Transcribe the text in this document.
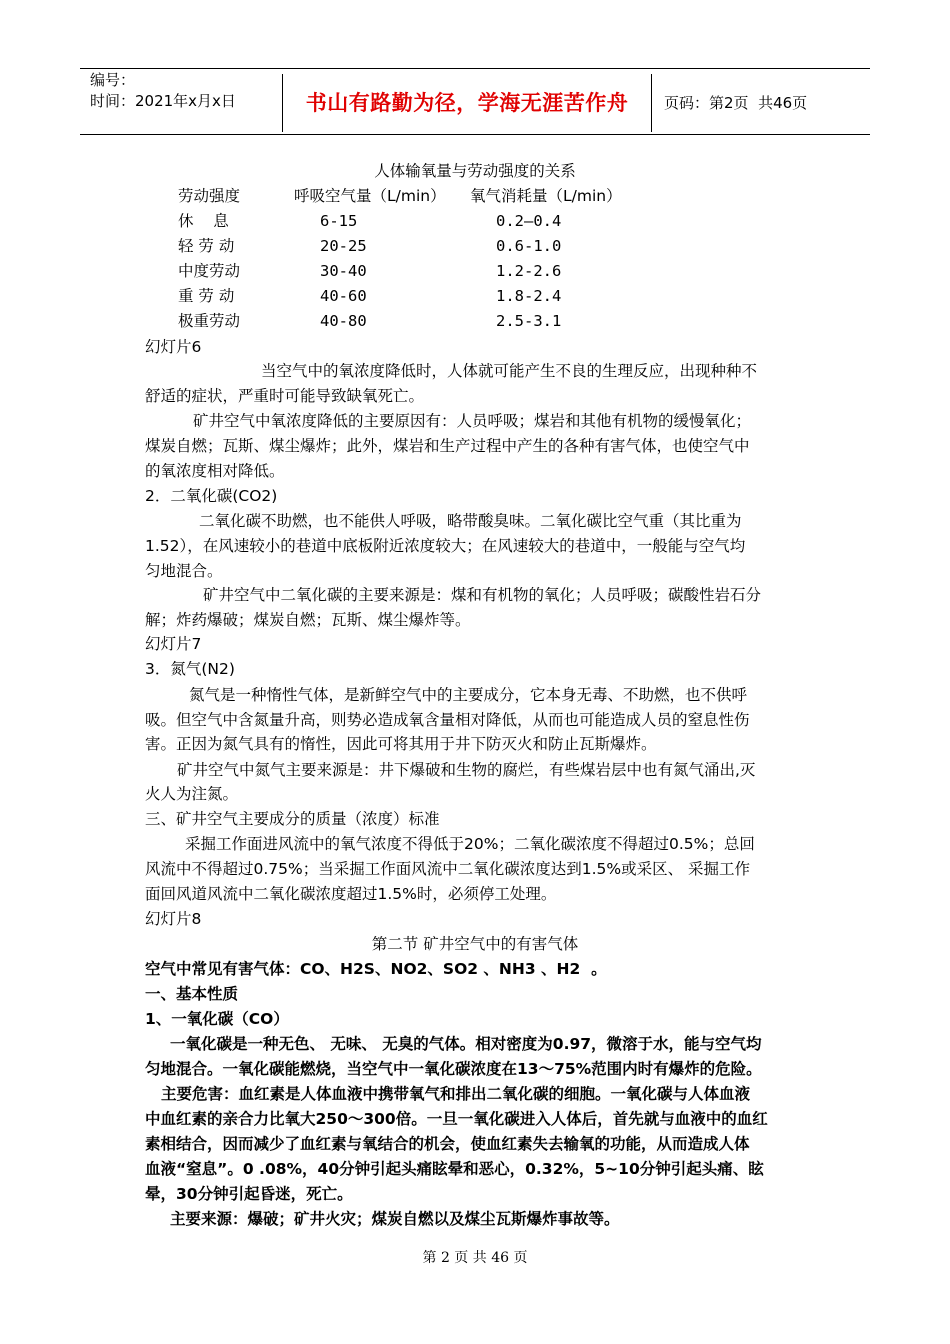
编号：
时间：2021年x月x日	书山有路勤为径，学海无涯苦作舟	页码：第2页  共46页
人体输氧量与劳动强度的关系
劳动强度	呼吸空气量（L/min） 氧气消耗量（L/min）
休    息	6-15	0.2—0.4
轻 劳 动	20-25	0.6-1.0
中度劳动	30-40	1.2-2.6
重 劳 动	40-60	1.8-2.4
极重劳动	40-80	2.5-3.1
幻灯片6
当空气中的氧浓度降低时，人体就可能产生不良的生理反应，出现种种不
舒适的症状，严重时可能导致缺氧死亡。
矿井空气中氧浓度降低的主要原因有：人员呼吸；煤岩和其他有机物的缓慢氧化；
煤炭自燃；瓦斯、煤尘爆炸；此外，煤岩和生产过程中产生的各种有害气体，也使空气中
的氧浓度相对降低。
2．二氧化碳(CO2)
二氧化碳不助燃，也不能供人呼吸，略带酸臭味。二氧化碳比空气重（其比重为
1.52），在风速较小的巷道中底板附近浓度较大；在风速较大的巷道中，一般能与空气均
匀地混合。
矿井空气中二氧化碳的主要来源是：煤和有机物的氧化；人员呼吸；碳酸性岩石分
解；炸药爆破；煤炭自燃；瓦斯、煤尘爆炸等。
幻灯片7
3．氮气(N2)
氮气是一种惰性气体，是新鲜空气中的主要成分，它本身无毒、不助燃，也不供呼
吸。但空气中含氮量升高，则势必造成氧含量相对降低，从而也可能造成人员的窒息性伤
害。正因为氮气具有的惰性，因此可将其用于井下防灭火和防止瓦斯爆炸。
矿井空气中氮气主要来源是：井下爆破和生物的腐烂，有些煤岩层中也有氮气涌出,灭
火人为注氮。
三、矿井空气主要成分的质量（浓度）标准
采掘工作面进风流中的氧气浓度不得低于20%；二氧化碳浓度不得超过0.5%；总回
风流中不得超过0.75%；当采掘工作面风流中二氧化碳浓度达到1.5%或采区、 采掘工作
面回风道风流中二氧化碳浓度超过1.5%时，必须停工处理。
幻灯片8
第二节 矿井空气中的有害气体
空气中常见有害气体：CO、H2S、NO2、SO2 、NH3 、H2  。
一、基本性质
1、一氧化碳（CO）
一氧化碳是一种无色、 无味、 无臭的气体。相对密度为0.97，微溶于水，能与空气均
匀地混合。一氧化碳能燃烧，当空气中一氧化碳浓度在13～75%范围内时有爆炸的危险。
主要危害：血红素是人体血液中携带氧气和排出二氧化碳的细胞。一氧化碳与人体血液
中血红素的亲合力比氧大250～300倍。一旦一氧化碳进入人体后，首先就与血液中的血红
素相结合，因而减少了血红素与氧结合的机会，使血红素失去输氧的功能，从而造成人体
血液“窒息”。0 .08%，40分钟引起头痛眩晕和恶心，0.32%，5~10分钟引起头痛、眩
晕，30分钟引起昏迷，死亡。
主要来源：爆破；矿井火灾；煤炭自燃以及煤尘瓦斯爆炸事故等。
第 2 页 共 46 页
